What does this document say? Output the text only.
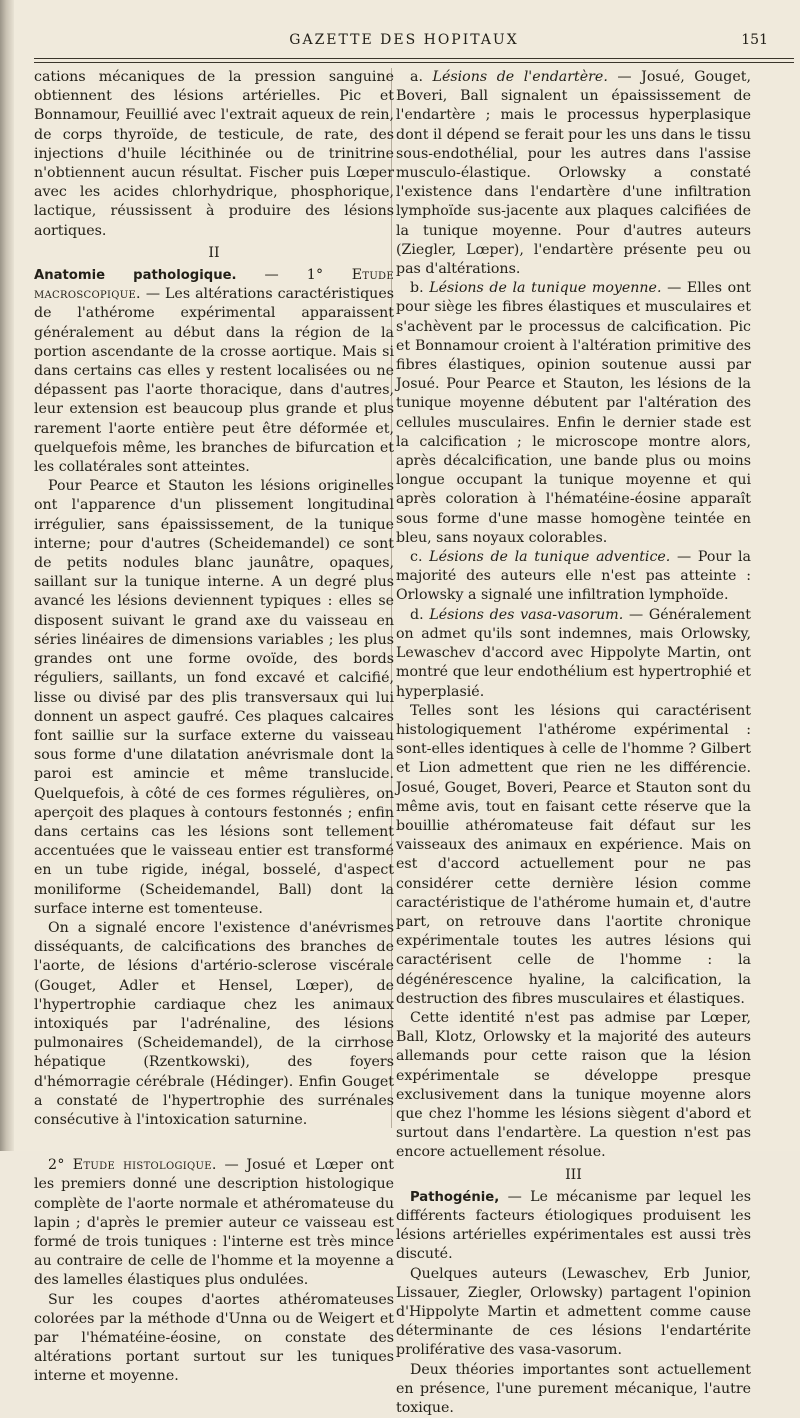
GAZETTE DES HOPITAUX	151

cations mécaniques de la pression sanguine obtiennent des lésions artérielles. Pic et Bonnamour, Feuillié avec l'extrait aqueux de rein, de corps thyroïde, de testicule, de rate, des injections d'huile lécithinée ou de trinitrine n'obtiennent aucun résultat. Fischer puis Lœper avec les acides chlorhydrique, phosphorique, lactique, réussissent à produire des lésions aortiques.

II

Anatomie pathologique. — 1° Etude macroscopique. — Les altérations caractéristiques de l'athérome expérimental apparaissent généralement au début dans la région de la portion ascendante de la crosse aortique. Mais si dans certains cas elles y restent localisées ou ne dépassent pas l'aorte thoracique, dans d'autres, leur extension est beaucoup plus grande et plus rarement l'aorte entière peut être déformée et, quelquefois même, les branches de bifurcation et les collatérales sont atteintes.

Pour Pearce et Stauton les lésions originelles ont l'apparence d'un plissement longitudinal irrégulier, sans épaississement, de la tunique interne; pour d'autres (Scheidemandel) ce sont de petits nodules blanc jaunâtre, opaques, saillant sur la tunique interne. A un degré plus avancé les lésions deviennent typiques : elles se disposent suivant le grand axe du vaisseau en séries linéaires de dimensions variables ; les plus grandes ont une forme ovoïde, des bords réguliers, saillants, un fond excavé et calcifié, lisse ou divisé par des plis transversaux qui lui donnent un aspect gaufré. Ces plaques calcaires font saillie sur la surface externe du vaisseau sous forme d'une dilatation anévrismale dont la paroi est amincie et même translucide. Quelquefois, à côté de ces formes régulières, on aperçoit des plaques à contours festonnés ; enfin dans certains cas les lésions sont tellement accentuées que le vaisseau entier est transformé en un tube rigide, inégal, bosselé, d'aspect moniliforme (Scheidemandel, Ball) dont la surface interne est tomenteuse.

On a signalé encore l'existence d'anévrismes disséquants, de calcifications des branches de l'aorte, de lésions d'artério-sclerose viscérale (Gouget, Adler et Hensel, Lœper), de l'hypertrophie cardiaque chez les animaux intoxiqués par l'adrénaline, des lésions pulmonaires (Scheidemandel), de la cirrhose hépatique (Rzentkowski), des foyers d'hémorragie cérébrale (Hédinger). Enfin Gouget a constaté de l'hypertrophie des surrénales consécutive à l'intoxication saturnine.

2° Etude histologique. — Josué et Lœper ont les premiers donné une description histologique complète de l'aorte normale et athéromateuse du lapin ; d'après le premier auteur ce vaisseau est formé de trois tuniques : l'interne est très mince au contraire de celle de l'homme et la moyenne a des lamelles élastiques plus ondulées.

Sur les coupes d'aortes athéromateuses colorées par la méthode d'Unna ou de Weigert et par l'hématéine-éosine, on constate des altérations portant surtout sur les tuniques interne et moyenne.

a. Lésions de l'endartère. — Josué, Gouget, Boveri, Ball signalent un épaississement de l'endartère ; mais le processus hyperplasique dont il dépend se ferait pour les uns dans le tissu sous-endothélial, pour les autres dans l'assise musculo-élastique. Orlowsky a constaté l'existence dans l'endartère d'une infiltration lymphoïde sus-jacente aux plaques calcifiées de la tunique moyenne. Pour d'autres auteurs (Ziegler, Lœper), l'endartère présente peu ou pas d'altérations.

b. Lésions de la tunique moyenne. — Elles ont pour siège les fibres élastiques et musculaires et s'achèvent par le processus de calcification. Pic et Bonnamour croient à l'altération primitive des fibres élastiques, opinion soutenue aussi par Josué. Pour Pearce et Stauton, les lésions de la tunique moyenne débutent par l'altération des cellules musculaires. Enfin le dernier stade est la calcification ; le microscope montre alors, après décalcification, une bande plus ou moins longue occupant la tunique moyenne et qui après coloration à l'hématéine-éosine apparaît sous forme d'une masse homogène teintée en bleu, sans noyaux colorables.

c. Lésions de la tunique adventice. — Pour la majorité des auteurs elle n'est pas atteinte : Orlowsky a signalé une infiltration lymphoïde.

d. Lésions des vasa-vasorum. — Généralement on admet qu'ils sont indemnes, mais Orlowsky, Lewaschev d'accord avec Hippolyte Martin, ont montré que leur endothélium est hypertrophié et hyperplasié.

Telles sont les lésions qui caractérisent histologiquement l'athérome expérimental : sont-elles identiques à celle de l'homme ? Gilbert et Lion admettent que rien ne les différencie. Josué, Gouget, Boveri, Pearce et Stauton sont du même avis, tout en faisant cette réserve que la bouillie athéromateuse fait défaut sur les vaisseaux des animaux en expérience. Mais on est d'accord actuellement pour ne pas considérer cette dernière lésion comme caractéristique de l'athérome humain et, d'autre part, on retrouve dans l'aortite chronique expérimentale toutes les autres lésions qui caractérisent celle de l'homme : la dégénérescence hyaline, la calcification, la destruction des fibres musculaires et élastiques.

Cette identité n'est pas admise par Lœper, Ball, Klotz, Orlowsky et la majorité des auteurs allemands pour cette raison que la lésion expérimentale se développe presque exclusivement dans la tunique moyenne alors que chez l'homme les lésions siègent d'abord et surtout dans l'endartère. La question n'est pas encore actuellement résolue.

III

Pathogénie, — Le mécanisme par lequel les différents facteurs étiologiques produisent les lésions artérielles expérimentales est aussi très discuté.

Quelques auteurs (Lewaschev, Erb Junior, Lissauer, Ziegler, Orlowsky) partagent l'opinion d'Hippolyte Martin et admettent comme cause déterminante de ces lésions l'endartérite proliférative des vasa-vasorum.

Deux théories importantes sont actuellement en présence, l'une purement mécanique, l'autre toxique.
